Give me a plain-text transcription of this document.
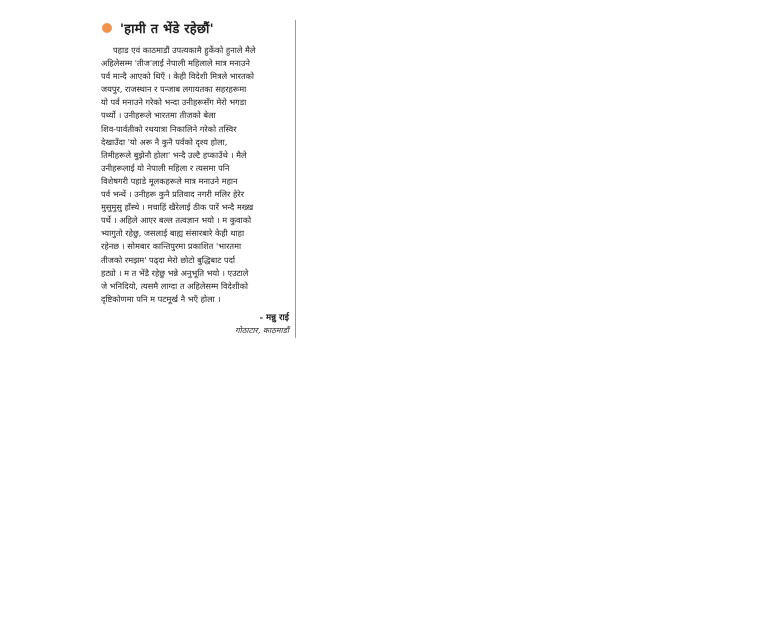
'हामी त भेंडे रहेछौं'
पहाड एवं काठमाडौं उपत्यकामै हुर्केको हुनाले मैले
अहिलेसम्म 'तीज'लाई नेपाली महिलाले मात्र मनाउने
पर्व मान्दै आएको थिएँ । केही विदेशी मित्रले भारतको
जयपुर, राजस्थान र पन्जाब लगायतका सहरहरूमा
यो पर्व मनाउने गरेको भन्दा उनीहरूसँग मेरो भगडा
पर्थ्यो । उनीहरूले भारतमा तीजको बेला
शिव-पार्वतीको रथयात्रा निकालिने गरेको तस्विर
देखाउँदा 'यो अरू नै कुनै पर्वको दृश्य होला,
तिमीहरूले बुझेनौ होला' भन्दै उल्टै हप्काउँथे । मैले
उनीहरूलाई यो नेपाली महिला र त्यसमा पनि
विशेषगरी पहाडे मूलकहरूले मात्र मनाउने महान
पर्व भन्थें । उनीहरू कुनै प्रतिवाद नगरी मलिर हेरेर
मुसुमुसु हाँस्थे । मचाहिं खैरेलाई ठीक पारें भन्दै मख्ख
पर्थे । अहिले आएर बल्ल तत्वज्ञान भयो । म कुवाको
भ्यागुतो रहेछु, जसलाई बाह्य संसारबारे केही थाहा
रहेनछ । सोमबार कान्तिपुरमा प्रकाशित 'भारतमा
तीजको रमझम' पढ्दा मेरो छोटो बुद्धिबाट पर्दा
हट्यो । म त भेंडै रहेछु भन्ने अनुभूति भयो । एउटाले
जे भनिदियो, त्यसमै लाग्दा त अहिलेसम्म विदेशीको
दृष्टिकोणमा पनि म पटमूर्ख नै भएँ होला ।
- मन्नु राई
गोठाटार, काठमाडौं
